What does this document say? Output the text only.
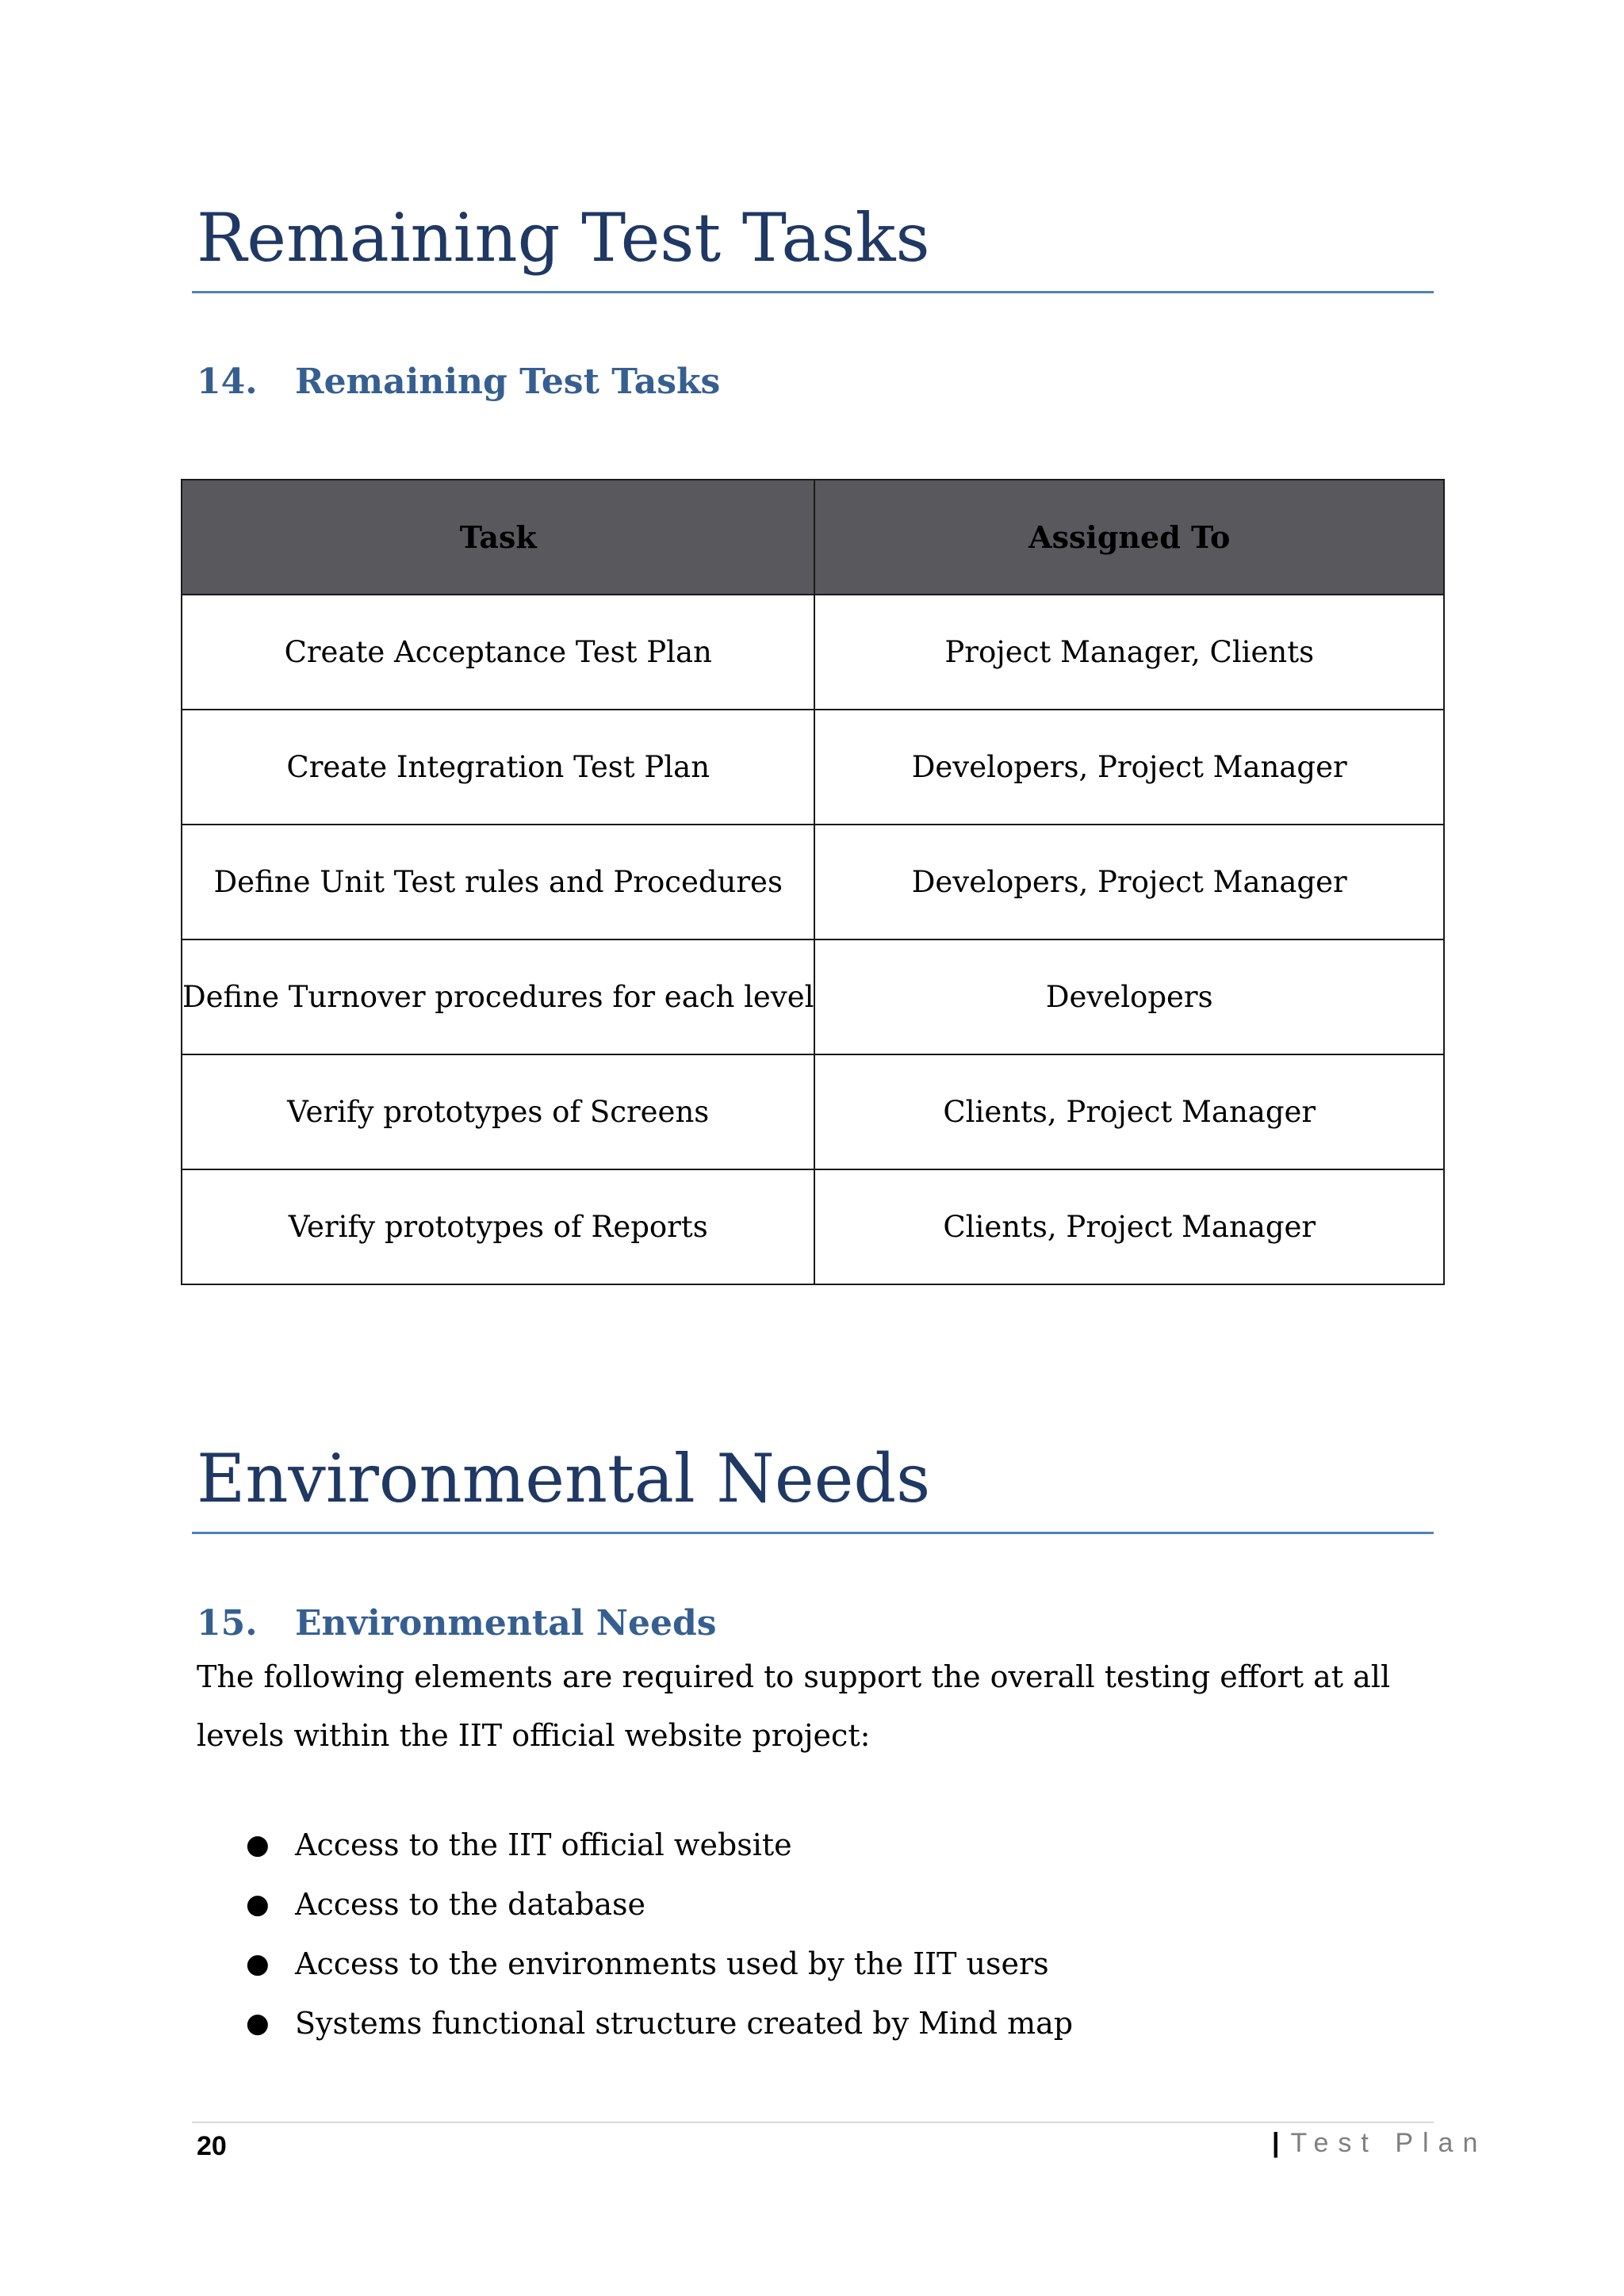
Remaining Test Tasks
14. Remaining Test Tasks
Task	Assigned To
Create Acceptance Test Plan	Project Manager, Clients
Create Integration Test Plan	Developers, Project Manager
Define Unit Test rules and Procedures	Developers, Project Manager
Define Turnover procedures for each level	Developers
Verify prototypes of Screens	Clients, Project Manager
Verify prototypes of Reports	Clients, Project Manager
Environmental Needs
15. Environmental Needs

The following elements are required to support the overall testing effort at all levels within the IIT official website project:

● Access to the IIT official website
● Access to the database
● Access to the environments used by the IIT users
● Systems functional structure created by Mind map
20	| Test Plan
